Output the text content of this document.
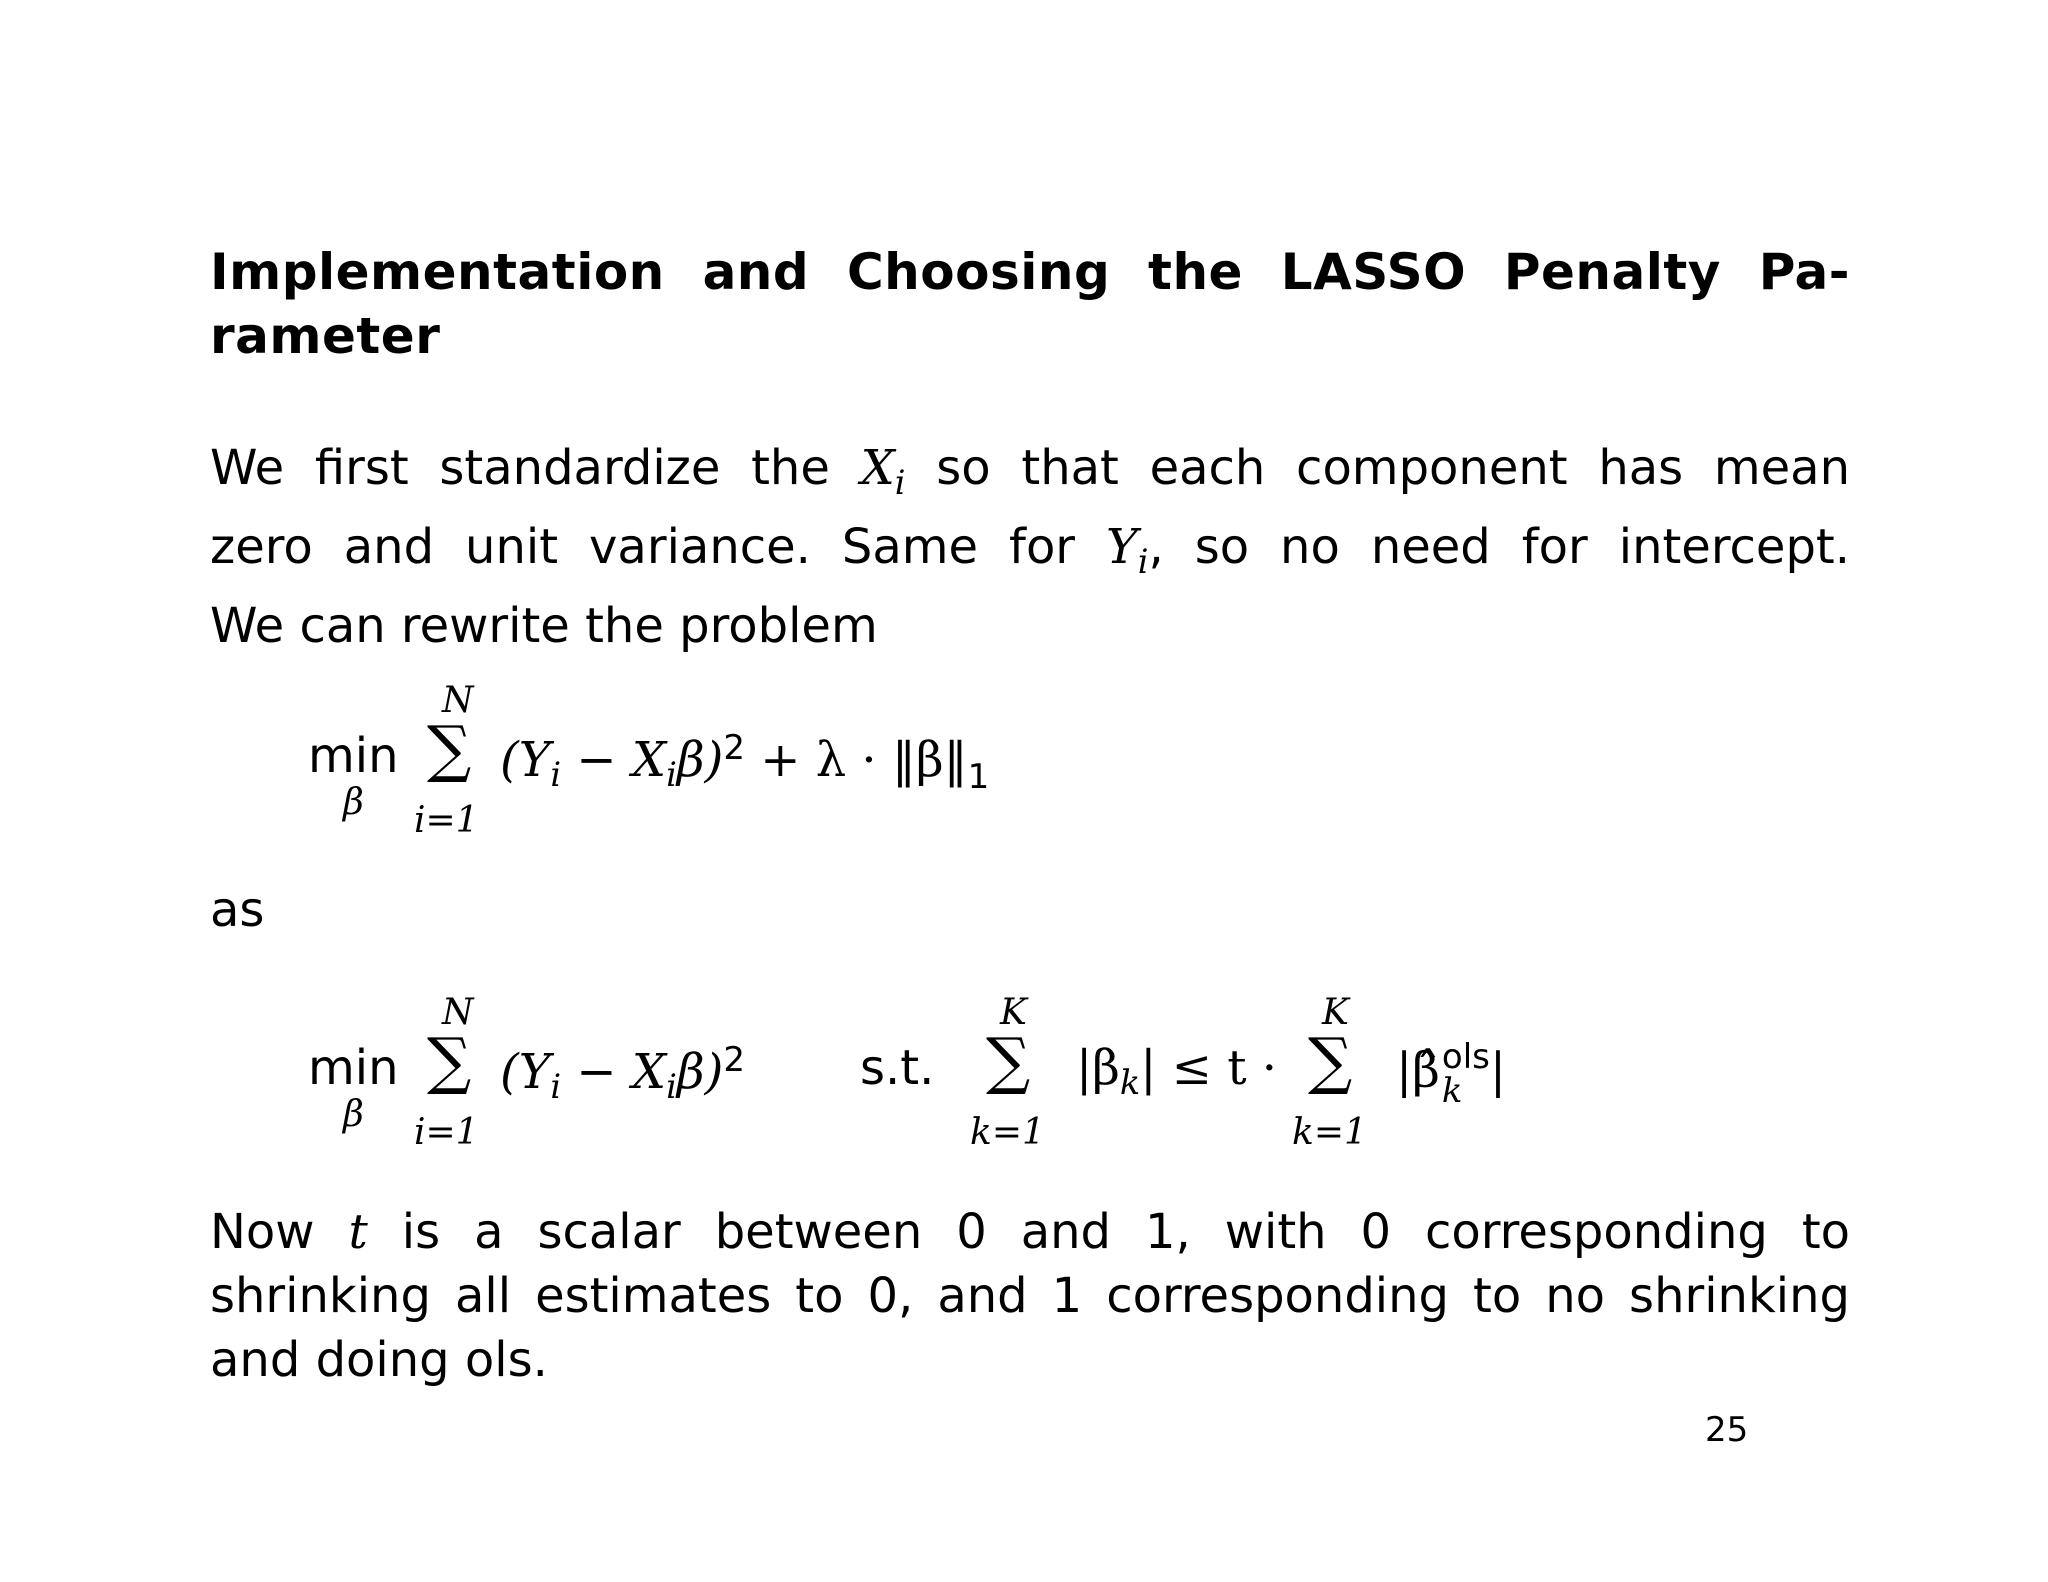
Implementation and Choosing the LASSO Penalty Pa-
rameter
We first standardize the $X_i$ so that each component has mean
zero and unit variance. Same for $Y_i$, so no need for intercept.
We can rewrite the problem
min
β
N
∑
i=1
$(Y_i - X_i\beta)^2 + \lambda$ · $‖\beta‖_1$
as
min
β
N
∑
i=1
$(Y_i - X_i\beta)^2$ s.t.
K
∑
k=1
$|\beta_k| \le t$ ·
K
∑
k=1
|β̂ ols
k |
Now t is a scalar between 0 and 1, with 0 corresponding to
shrinking all estimates to 0, and 1 corresponding to no shrinking
and doing ols.
25
